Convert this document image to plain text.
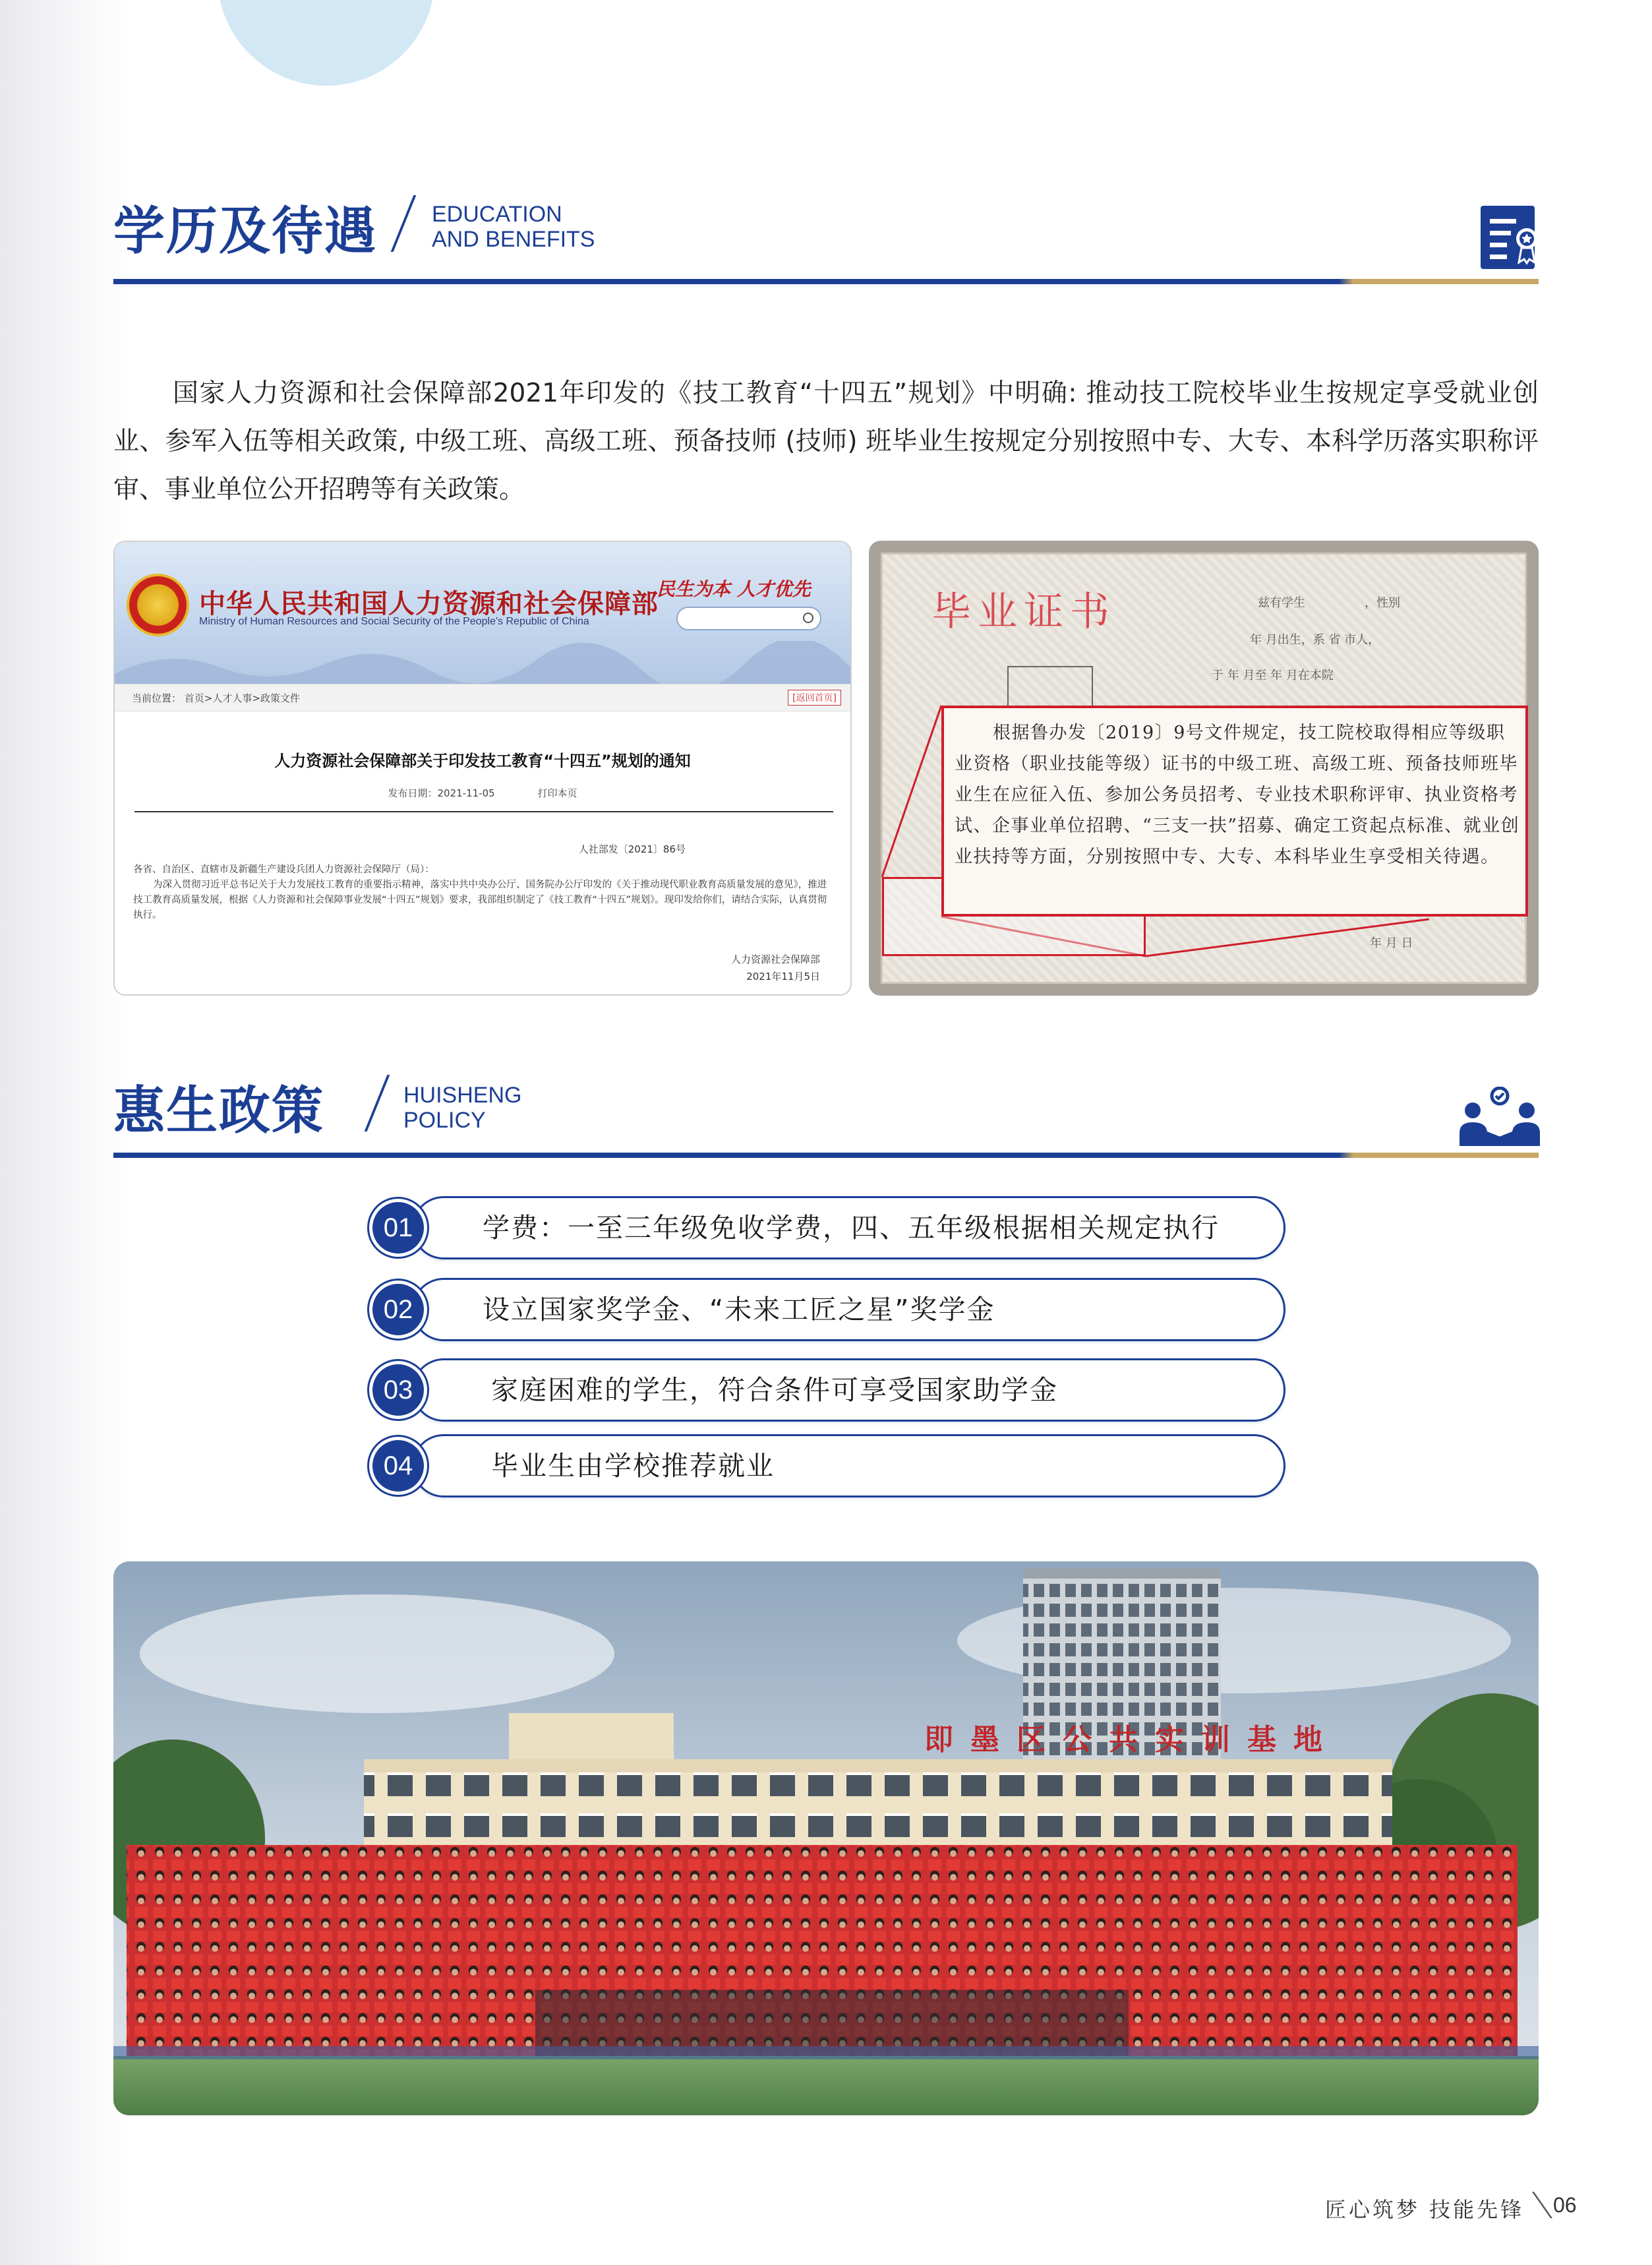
学历及待遇 EDUCATION
AND BENEFITS
国家人力资源和社会保障部2021年印发的《技工教育“十四五”规划》中明确: 推动技工院校毕业生按规定享受就业创业、参军入伍等相关政策, 中级工班、高级工班、预备技师 (技师) 班毕业生按规定分别按照中专、大专、本科学历落实职称评审、事业单位公开招聘等有关政策。
中华人民共和国人力资源和社会保障部
Ministry of Human Resources and Social Security of the People's Republic of China
民生为本 人才优先
当前位置： 首页>人才人事>政策文件	[返回首页]
人力资源社会保障部关于印发技工教育“十四五”规划的通知
发布日期：2021-11-05	打印本页
人社部发〔2021〕86号
各省、自治区、直辖市及新疆生产建设兵团人力资源社会保障厅（局）：
为深入贯彻习近平总书记关于大力发展技工教育的重要指示精神，落实中共中央办公厅、国务院办公厅印发的《关于推动现代职业教育高质量发展的意见》，推进技工教育高质量发展，根据《人力资源和社会保障事业发展“十四五”规划》要求，我部组织制定了《技工教育“十四五”规划》。现印发给你们，请结合实际，认真贯彻执行。
人力资源社会保障部
2021年11月5日
毕业证书	兹有学生	，性别
年 月出生，系 省 市人，
于 年 月至 年 月在本院
根据鲁办发〔2019〕9号文件规定，技工院校取得相应等级职业资格（职业技能等级）证书的中级工班、高级工班、预备技师班毕业生在应征入伍、参加公务员招考、专业技术职称评审、执业资格考试、企事业单位招聘、“三支一扶”招募、确定工资起点标准、就业创业扶持等方面，分别按照中专、大专、本科毕业生享受相关待遇。
年 月 日
惠生政策	HUISHENG
POLICY
01	学费：一至三年级免收学费，四、五年级根据相关规定执行
02	设立国家奖学金、“未来工匠之星”奖学金
03	家庭困难的学生，符合条件可享受国家助学金
04	毕业生由学校推荐就业
即墨区公共实训基地
匠心筑梦 技能先锋 06
